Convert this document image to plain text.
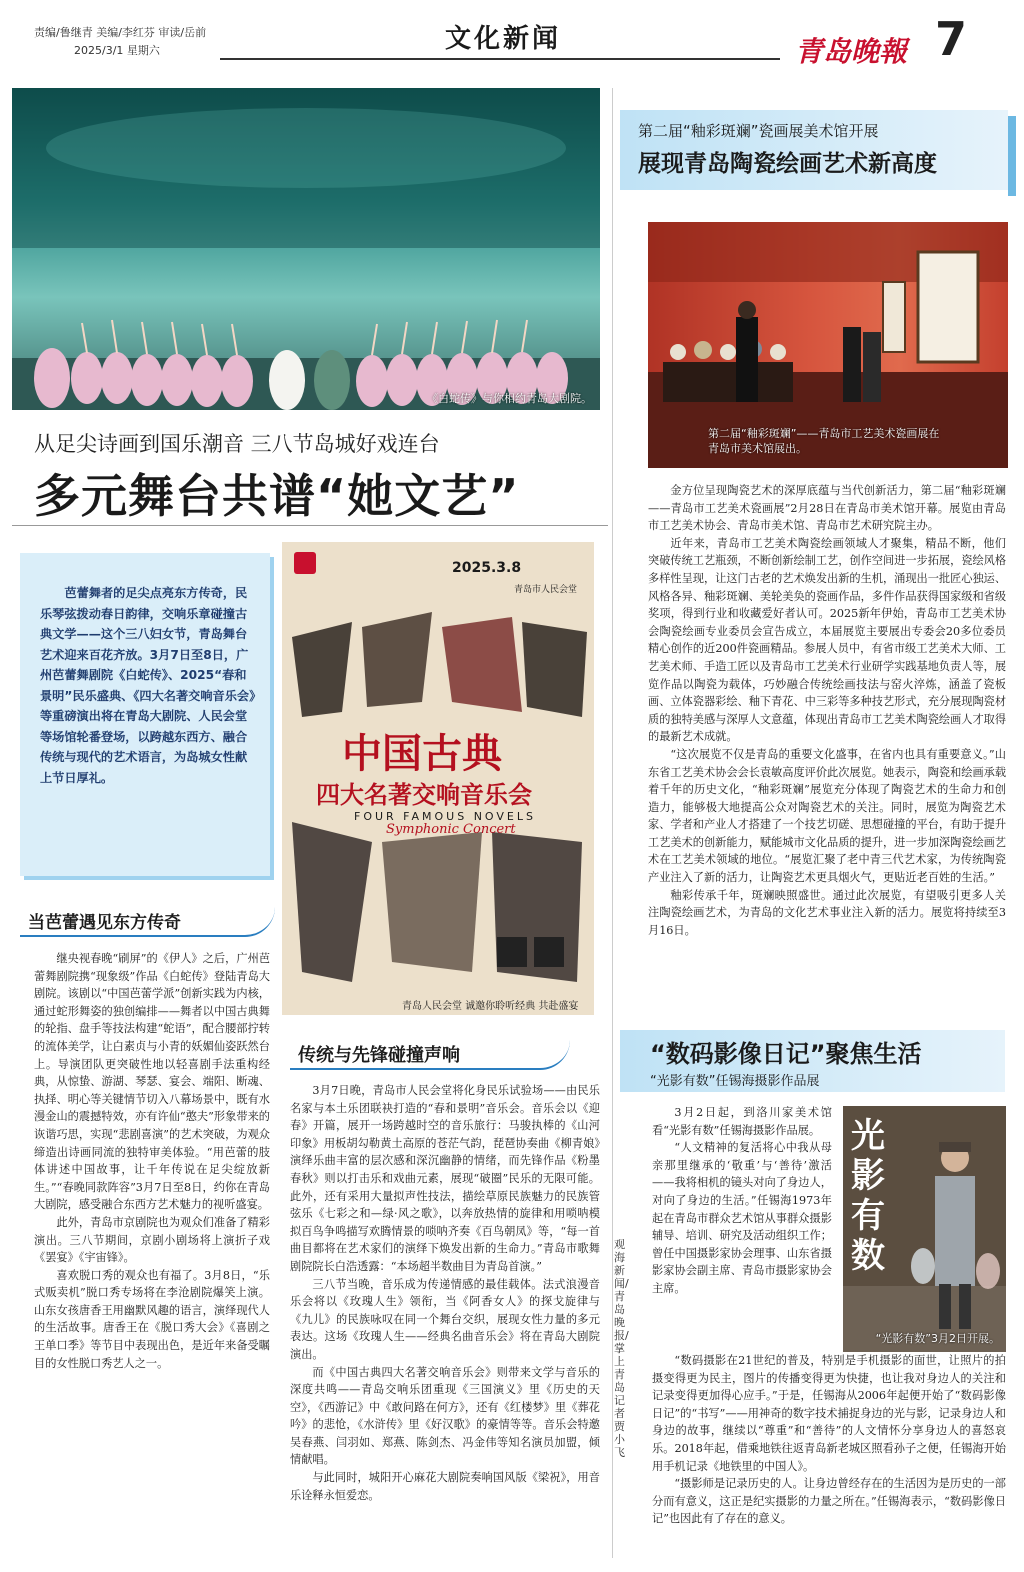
责编/鲁继青 美编/李红芬 审读/岳前
2025/3/1 星期六	文化新闻	青岛晚報 7
《白蛇传》与你相约青岛大剧院。
从足尖诗画到国乐潮音 三八节岛城好戏连台
多元舞台共谱“她文艺”
芭蕾舞者的足尖点亮东方传奇，民乐琴弦拨动春日韵律，交响乐章碰撞古典文学——这个三八妇女节，青岛舞台艺术迎来百花齐放。3月7日至8日，广州芭蕾舞剧院《白蛇传》、2025“春和景明”民乐盛典、《四大名著交响音乐会》等重磅演出将在青岛大剧院、人民会堂等场馆轮番登场，以跨越东西方、融合传统与现代的艺术语言，为岛城女性献上节日厚礼。
2025.3.8
青岛市人民会堂
中国古典
四大名著交响音乐会
FOUR FAMOUS NOVELS
Symphonic Concert
青岛人民会堂 诚邀你聆听经典 共赴盛宴
当芭蕾遇见东方传奇

继央视春晚“刷屏”的《伊人》之后，广州芭蕾舞剧院携“现象级”作品《白蛇传》登陆青岛大剧院。该剧以“中国芭蕾学派”创新实践为内核，通过蛇形舞姿的独创编排——舞者以中国古典舞的轮指、盘手等技法构建“蛇语”，配合腰部拧转的流体美学，让白素贞与小青的妖媚仙姿跃然台上。导演团队更突破性地以轻喜剧手法重构经典，从惊蛰、游湖、琴瑟、宴会、端阳、断魂、执择、明心等关键情节切入八幕场景中，既有水漫金山的震撼特效，亦有许仙“憨夫”形象带来的诙谐巧思，实现“悲剧喜演”的艺术突破，为观众缔造出诗画同流的独特审美体验。“用芭蕾的肢体讲述中国故事，让千年传说在足尖绽放新生。”“春晚同款阵容”3月7日至8日，约你在青岛大剧院，感受融合东西方艺术魅力的视听盛宴。

此外，青岛市京剧院也为观众们准备了精彩演出。三八节期间，京剧小剧场将上演折子戏《罢宴》《宇宙锋》。

喜欢脱口秀的观众也有福了。3月8日，“乐式贩卖机”脱口秀专场将在李沧剧院爆笑上演。山东女孩唐香王用幽默风趣的语言，演绎现代人的生活故事。唐香王在《脱口秀大会》《喜剧之王单口季》等节目中表现出色，是近年来备受瞩目的女性脱口秀艺人之一。

传统与先锋碰撞声响

3月7日晚，青岛市人民会堂将化身民乐试验场——由民乐名家与本土乐团联袂打造的“春和景明”音乐会。音乐会以《迎春》开篇，展开一场跨越时空的音乐旅行：马骏执棒的《山河印象》用板胡勾勒黄土高原的苍茫气韵，琵琶协奏曲《柳青娘》演绎乐曲丰富的层次感和深沉幽静的情绪，而先锋作品《粉墨春秋》则以打击乐和戏曲元素，展现“破圈”民乐的无限可能。此外，还有采用大量拟声性技法，描绘草原民族魅力的民族管弦乐《七彩之和—绿·风之歌》，以奔放热情的旋律和用唢呐模拟百鸟争鸣描写欢腾情景的唢呐齐奏《百鸟朝凤》等，“每一首曲目都将在艺术家们的演绎下焕发出新的生命力。”青岛市歌舞剧院院长白浩透露：“本场超半数曲目为青岛首演。”

三八节当晚，音乐成为传递情感的最佳载体。法式浪漫音乐会将以《玫瑰人生》领衔，当《阿香女人》的探戈旋律与《九儿》的民族咏叹在同一个舞台交织，展现女性力量的多元表达。这场《玫瑰人生——经典名曲音乐会》将在青岛大剧院演出。

而《中国古典四大名著交响音乐会》则带来文学与音乐的深度共鸣——青岛交响乐团重现《三国演义》里《历史的天空》，《西游记》中《敢问路在何方》，还有《红楼梦》里《葬花吟》的悲怆，《水浒传》里《好汉歌》的豪情等等。音乐会特邀吴春燕、闫羽如、郑燕、陈剑杰、冯金伟等知名演员加盟，倾情献唱。

与此同时，城阳开心麻花大剧院奏响国风版《梁祝》，用音乐诠释永恒爱恋。

观海新闻/青岛晚报/掌上青岛 记者 贾小飞
第二届“釉彩斑斓”瓷画展美术馆开展
展现青岛陶瓷绘画艺术新高度
第二届“釉彩斑斓”——青岛市工艺美术瓷画展在青岛市美术馆展出。

金方位呈现陶瓷艺术的深厚底蕴与当代创新活力，第二届“釉彩斑斓——青岛市工艺美术瓷画展”2月28日在青岛市美术馆开幕。展览由青岛市工艺美术协会、青岛市美术馆、青岛市艺术研究院主办。

近年来，青岛市工艺美术陶瓷绘画领域人才聚集，精品不断，他们突破传统工艺瓶颈，不断创新绘制工艺，创作空间进一步拓展，瓷绘风格多样性呈现，让这门古老的艺术焕发出新的生机，涌现出一批匠心独运、风格各异、釉彩斑斓、美轮美奂的瓷画作品，多件作品获得国家级和省级奖项，得到行业和收藏爱好者认可。2025新年伊始，青岛市工艺美术协会陶瓷绘画专业委员会宣告成立，本届展览主要展出专委会20多位委员精心创作的近200件瓷画精品。参展人员中，有省市级工艺美术大师、工艺美术师、手造工匠以及青岛市工艺美术行业研学实践基地负责人等，展览作品以陶瓷为载体，巧妙融合传统绘画技法与窑火淬炼，涵盖了瓷板画、立体瓷器彩绘、釉下青花、中三彩等多种技艺形式，充分展现陶瓷材质的独特美感与深厚人文意蕴，体现出青岛市工艺美术陶瓷绘画人才取得的最新艺术成就。

“这次展览不仅是青岛的重要文化盛事，在省内也具有重要意义。”山东省工艺美术协会会长袁敏高度评价此次展览。她表示，陶瓷和绘画承载着千年的历史文化，“釉彩斑斓”展览充分体现了陶瓷艺术的生命力和创造力，能够极大地提高公众对陶瓷艺术的关注。同时，展览为陶瓷艺术家、学者和产业人才搭建了一个技艺切磋、思想碰撞的平台，有助于提升工艺美术的创新能力，赋能城市文化品质的提升，进一步加深陶瓷绘画艺术在工艺美术领域的地位。“展览汇聚了老中青三代艺术家，为传统陶瓷产业注入了新的活力，让陶瓷艺术更具烟火气，更贴近老百姓的生活。”

釉彩传承千年，斑斓映照盛世。通过此次展览，有望吸引更多人关注陶瓷绘画艺术，为青岛的文化艺术事业注入新的活力。展览将持续至3月16日。

“数码影像日记”聚焦生活
“光影有数”任锡海摄影作品展
光影有数
“光影有数”3月2日开展。

3月2日起，到洛川家美术馆看“光影有数”任锡海摄影作品展。

“人文精神的复活将心中我从母亲那里继承的‘敬重’与‘善待’激活——我将相机的镜头对向了身边人，对向了身边的生活。”任锡海1973年起在青岛市群众艺术馆从事群众摄影辅导、培训、研究及活动组织工作；曾任中国摄影家协会理事、山东省摄影家协会副主席、青岛市摄影家协会主席。

“数码摄影在21世纪的普及，特别是手机摄影的面世，让照片的拍摄变得更为民主，图片的传播变得更为快捷，也让我对身边人的关注和记录变得更加得心应手。”于是，任锡海从2006年起便开始了“数码影像日记”的“书写”——用神奇的数字技术捕捉身边的光与影，记录身边人和身边的故事，继续以“尊重”和“善待”的人文情怀分享身边人的喜怒哀乐。2018年起，借乘地铁往返青岛新老城区照看孙子之便，任锡海开始用手机记录《地铁里的中国人》。

“摄影师是记录历史的人。让身边曾经存在的生活因为是历史的一部分而有意义，这正是纪实摄影的力量之所在。”任锡海表示，“数码影像日记”也因此有了存在的意义。
